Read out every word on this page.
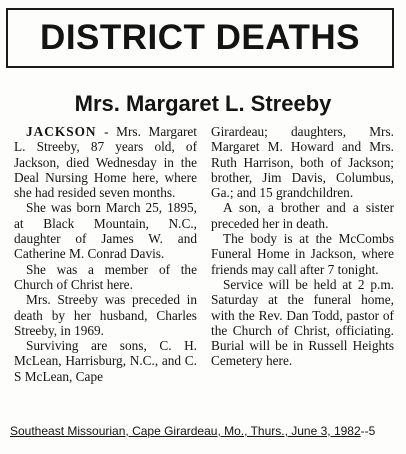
DISTRICT DEATHS
Mrs. Margaret L. Streeby

JACKSON - Mrs. Margaret L. Streeby, 87 years old, of Jackson, died Wednesday in the Deal Nursing Home here, where she had resided seven months.

She was born March 25, 1895, at Black Mountain, N.C., daughter of James W. and Catherine M. Conrad Davis.

She was a member of the Church of Christ here.

Mrs. Streeby was preceded in death by her husband, Charles Streeby, in 1969.

Surviving are sons, C. H. McLean, Harrisburg, N.C., and C. S McLean, Cape

Girardeau; daughters, Mrs. Margaret M. Howard and Mrs. Ruth Harrison, both of Jackson; brother, Jim Davis, Columbus, Ga.; and 15 grandchildren.

A son, a brother and a sister preceded her in death.

The body is at the McCombs Funeral Home in Jackson, where friends may call after 7 tonight.

Service will be held at 2 p.m. Saturday at the funeral home, with the Rev. Dan Todd, pastor of the Church of Christ, officiating. Burial will be in Russell Heights Cemetery here.

Southeast Missourian, Cape Girardeau, Mo., Thurs., June 3, 1982--5
